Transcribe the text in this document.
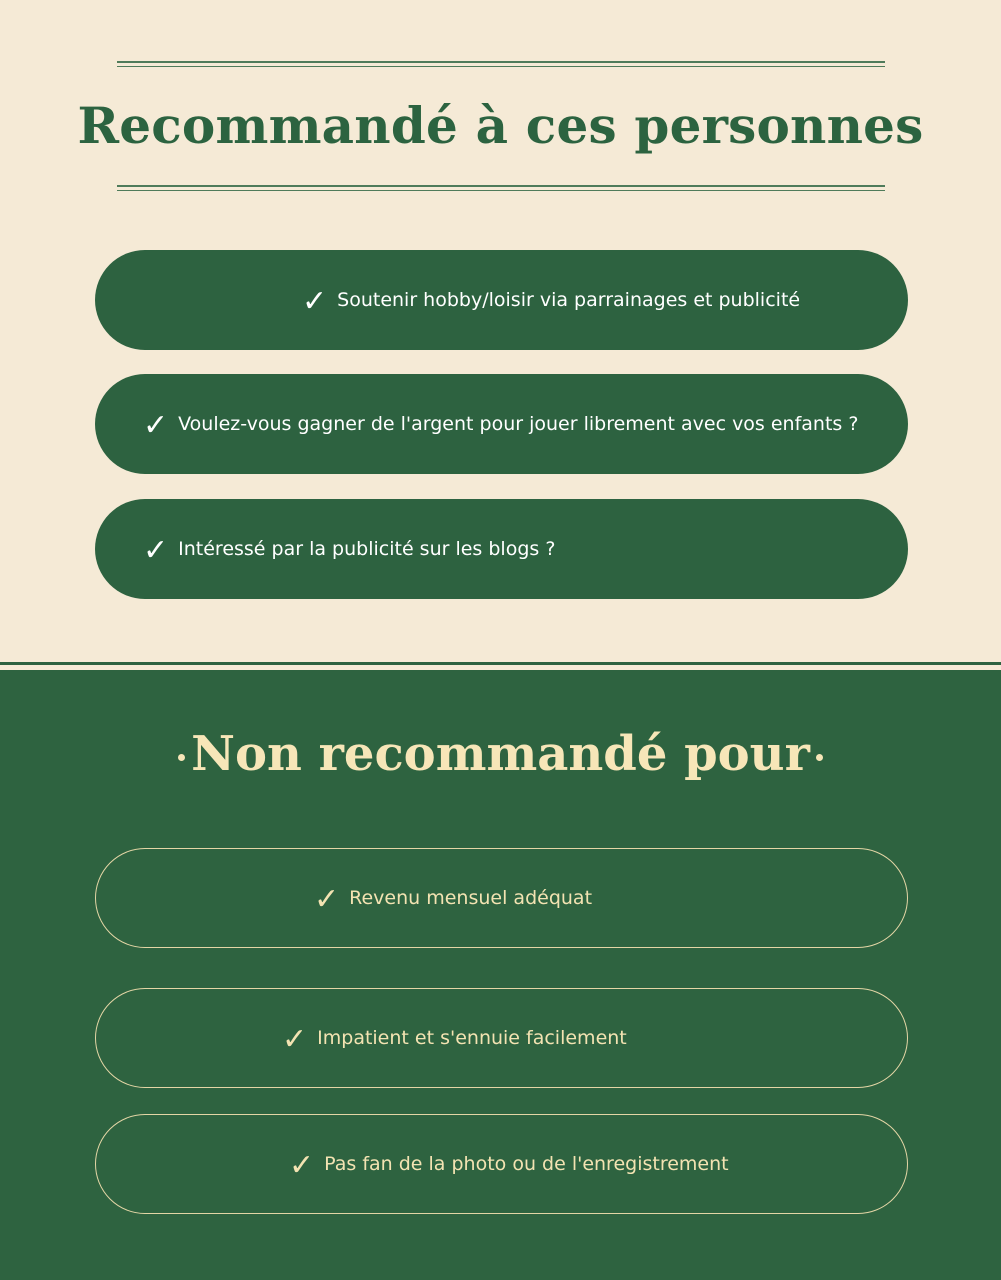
Recommandé à ces personnes
✓ Soutenir hobby/loisir via parrainages et publicité
✓ Voulez-vous gagner de l'argent pour jouer librement avec vos enfants ?
✓ Intéressé par la publicité sur les blogs ?
Non recommandé pour
✓ Revenu mensuel adéquat
✓ Impatient et s'ennuie facilement
✓ Pas fan de la photo ou de l'enregistrement
